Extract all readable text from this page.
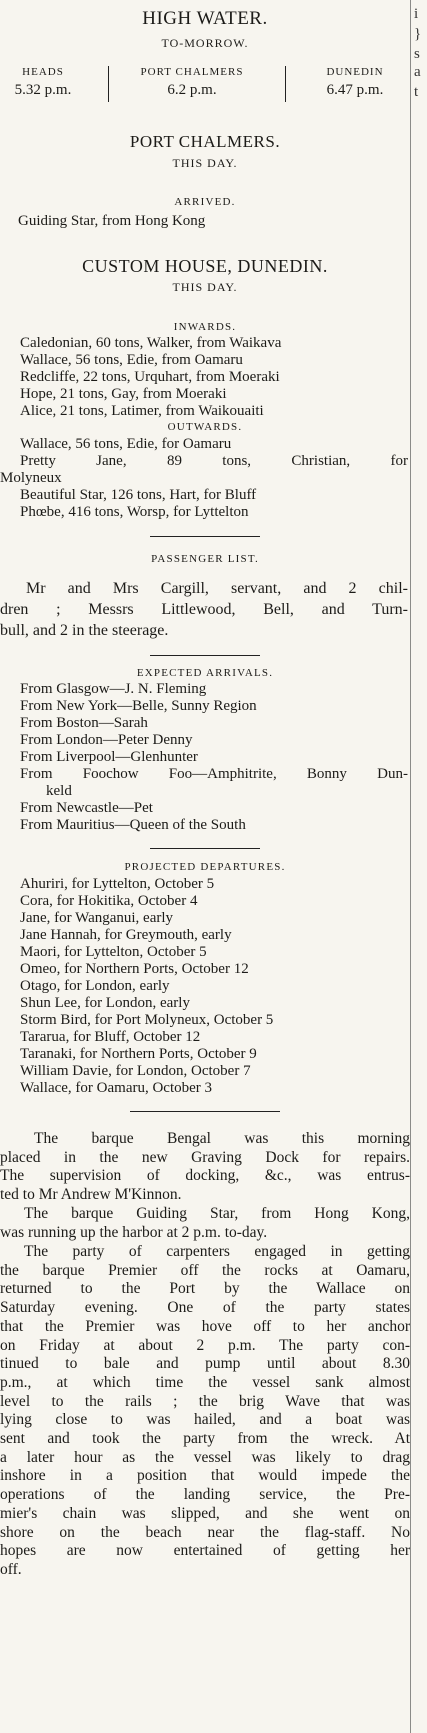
i
}
s
a
t
HIGH WATER.
TO-MORROW.
HEADS
5.32 p.m.
PORT CHALMERS
6.2 p.m.
DUNEDIN
6.47 p.m.
PORT CHALMERS.
THIS DAY.
ARRIVED.
Guiding Star, from Hong Kong
CUSTOM HOUSE, DUNEDIN.
THIS DAY.
INWARDS.
Caledonian, 60 tons, Walker, from Waikava
Wallace, 56 tons, Edie, from Oamaru
Redcliffe, 22 tons, Urquhart, from Moeraki
Hope, 21 tons, Gay, from Moeraki
Alice, 21 tons, Latimer, from Waikouaiti
OUTWARDS.
Wallace, 56 tons, Edie, for Oamaru
Pretty Jane, 89 tons, Christian, for
Molyneux
Beautiful Star, 126 tons, Hart, for Bluff
Phœbe, 416 tons, Worsp, for Lyttelton
PASSENGER LIST.
Mr and Mrs Cargill, servant, and 2 chil-
dren ; Messrs Littlewood, Bell, and Turn-
bull, and 2 in the steerage.
EXPECTED ARRIVALS.
From Glasgow—J. N. Fleming
From New York—Belle, Sunny Region
From Boston—Sarah
From London—Peter Denny
From Liverpool—Glenhunter
From Foochow Foo—Amphitrite, Bonny Dun-
keld
From Newcastle—Pet
From Mauritius—Queen of the South
PROJECTED DEPARTURES.
Ahuriri, for Lyttelton, October 5
Cora, for Hokitika, October 4
Jane, for Wanganui, early
Jane Hannah, for Greymouth, early
Maori, for Lyttelton, October 5
Omeo, for Northern Ports, October 12
Otago, for London, early
Shun Lee, for London, early
Storm Bird, for Port Molyneux, October 5
Tararua, for Bluff, October 12
Taranaki, for Northern Ports, October 9
William Davie, for London, October 7
Wallace, for Oamaru, October 3
The barque Bengal was this morning
placed in the new Graving Dock for repairs.
The supervision of docking, &c., was entrus-
ted to Mr Andrew M'Kinnon.
The barque Guiding Star, from Hong Kong,
was running up the harbor at 2 p.m. to-day.
The party of carpenters engaged in getting
the barque Premier off the rocks at Oamaru,
returned to the Port by the Wallace on
Saturday evening. One of the party states
that the Premier was hove off to her anchor
on Friday at about 2 p.m. The party con-
tinued to bale and pump until about 8.30
p.m., at which time the vessel sank almost
level to the rails ; the brig Wave that was
lying close to was hailed, and a boat was
sent and took the party from the wreck. At
a later hour as the vessel was likely to drag
inshore in a position that would impede the
operations of the landing service, the Pre-
mier's chain was slipped, and she went on
shore on the beach near the flag-staff. No
hopes are now entertained of getting her
off.
